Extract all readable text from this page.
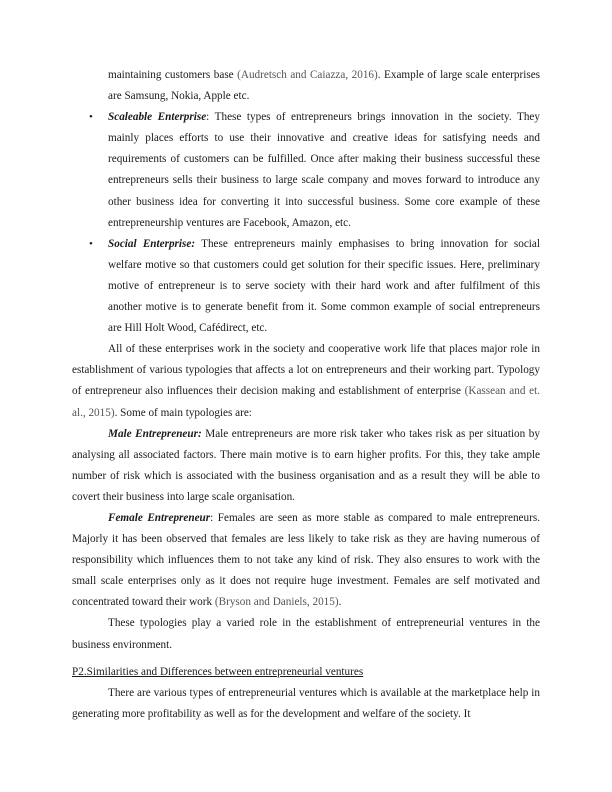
maintaining customers base (Audretsch and Caiazza, 2016). Example of large scale enterprises are Samsung, Nokia, Apple etc.

• Scaleable Enterprise: These types of entrepreneurs brings innovation in the society. They mainly places efforts to use their innovative and creative ideas for satisfying needs and requirements of customers can be fulfilled. Once after making their business successful these entrepreneurs sells their business to large scale company and moves forward to introduce any other business idea for converting it into successful business. Some core example of these entrepreneurship ventures are Facebook, Amazon, etc.

• Social Enterprise: These entrepreneurs mainly emphasises to bring innovation for social welfare motive so that customers could get solution for their specific issues. Here, preliminary motive of entrepreneur is to serve society with their hard work and after fulfilment of this another motive is to generate benefit from it. Some common example of social entrepreneurs are Hill Holt Wood, Cafédirect, etc.

All of these enterprises work in the society and cooperative work life that places major role in establishment of various typologies that affects a lot on entrepreneurs and their working part. Typology of entrepreneur also influences their decision making and establishment of enterprise (Kassean and et. al., 2015). Some of main typologies are:

Male Entrepreneur: Male entrepreneurs are more risk taker who takes risk as per situation by analysing all associated factors. There main motive is to earn higher profits. For this, they take ample number of risk which is associated with the business organisation and as a result they will be able to covert their business into large scale organisation.

Female Entrepreneur: Females are seen as more stable as compared to male entrepreneurs. Majorly it has been observed that females are less likely to take risk as they are having numerous of responsibility which influences them to not take any kind of risk. They also ensures to work with the small scale enterprises only as it does not require huge investment. Females are self motivated and concentrated toward their work (Bryson and Daniels, 2015).

These typologies play a varied role in the establishment of entrepreneurial ventures in the business environment.

P2.Similarities and Differences between entrepreneurial ventures

There are various types of entrepreneurial ventures which is available at the marketplace help in generating more profitability as well as for the development and welfare of the society. It
